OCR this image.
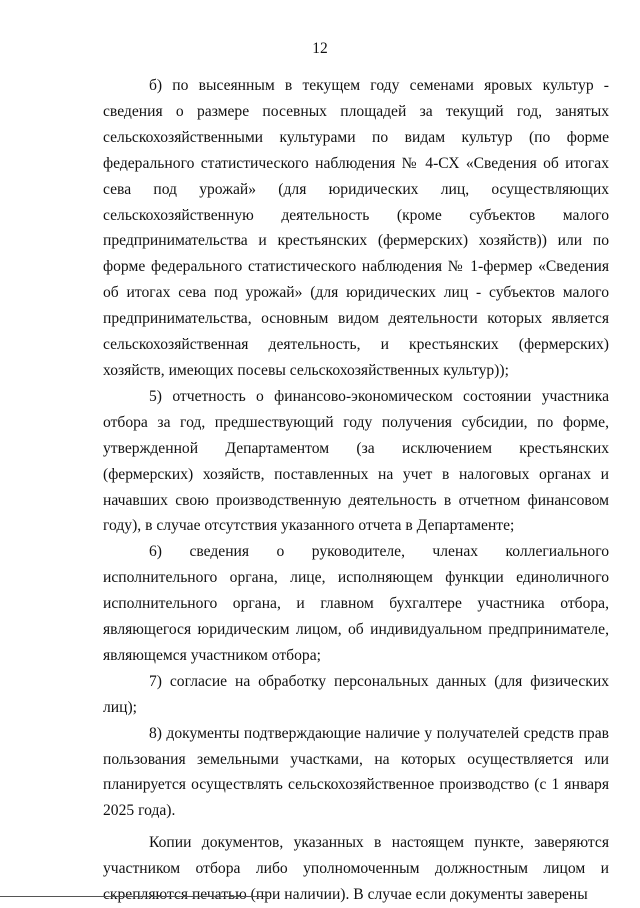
12

б) по высеянным в текущем году семенами яровых культур - сведения о размере посевных площадей за текущий год, занятых сельскохозяйственными культурами по видам культур (по форме федерального статистического наблюдения № 4-СХ «Сведения об итогах сева под урожай» (для юридических лиц, осуществляющих сельскохозяйственную деятельность (кроме субъектов малого предпринимательства и крестьянских (фермерских) хозяйств)) или по форме федерального статистического наблюдения № 1-фермер «Сведения об итогах сева под урожай» (для юридических лиц - субъектов малого предпринимательства, основным видом деятельности которых является сельскохозяйственная деятельность, и крестьянских (фермерских) хозяйств, имеющих посевы сельскохозяйственных культур));

5) отчетность о финансово-экономическом состоянии участника отбора за год, предшествующий году получения субсидии, по форме, утвержденной Департаментом (за исключением крестьянских (фермерских) хозяйств, поставленных на учет в налоговых органах и начавших свою производственную деятельность в отчетном финансовом году), в случае отсутствия указанного отчета в Департаменте;

6) сведения о руководителе, членах коллегиального исполнительного органа, лице, исполняющем функции единоличного исполнительного органа, и главном бухгалтере участника отбора, являющегося юридическим лицом, об индивидуальном предпринимателе, являющемся участником отбора;

7) согласие на обработку персональных данных (для физических лиц);

8) документы подтверждающие наличие у получателей средств прав пользования земельными участками, на которых осуществляется или планируется осуществлять сельскохозяйственное производство (с 1 января 2025 года).

Копии документов, указанных в настоящем пункте, заверяются участником отбора либо уполномоченным должностным лицом и скрепляются печатью (при наличии). В случае если документы заверены
